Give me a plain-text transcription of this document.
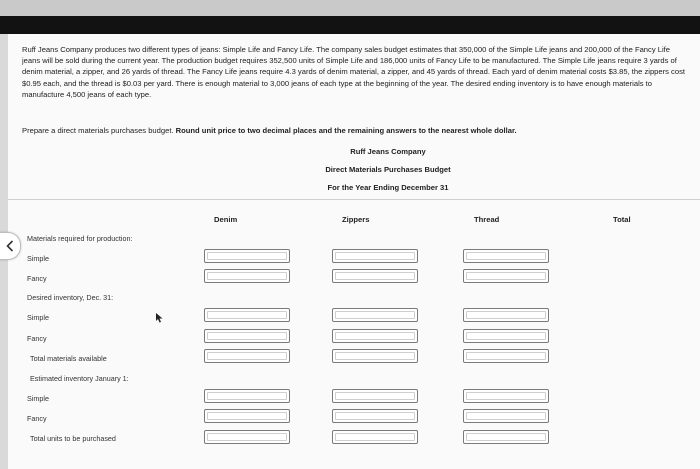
Ruff Jeans Company produces two different types of jeans: Simple Life and Fancy Life. The company sales budget estimates that 350,000 of the Simple Life jeans and 200,000 of the Fancy Life jeans will be sold during the current year. The production budget requires 352,500 units of Simple Life and 186,000 units of Fancy Life to be manufactured. The Simple Life jeans require 3 yards of denim material, a zipper, and 26 yards of thread. The Fancy Life jeans require 4.3 yards of denim material, a zipper, and 45 yards of thread. Each yard of denim material costs $3.85, the zippers cost $0.95 each, and the thread is $0.03 per yard. There is enough material to 3,000 jeans of each type at the beginning of the year. The desired ending inventory is to have enough materials to manufacture 4,500 jeans of each type.
Prepare a direct materials purchases budget. Round unit price to two decimal places and the remaining answers to the nearest whole dollar.
Ruff Jeans Company
Direct Materials Purchases Budget
For the Year Ending December 31
Denim	Zippers	Thread	Total
Materials required for production:
Simple
Fancy
Desired inventory, Dec. 31:
Simple
Fancy
Total materials available
Estimated inventory January 1:
Simple
Fancy
Total units to be purchased
